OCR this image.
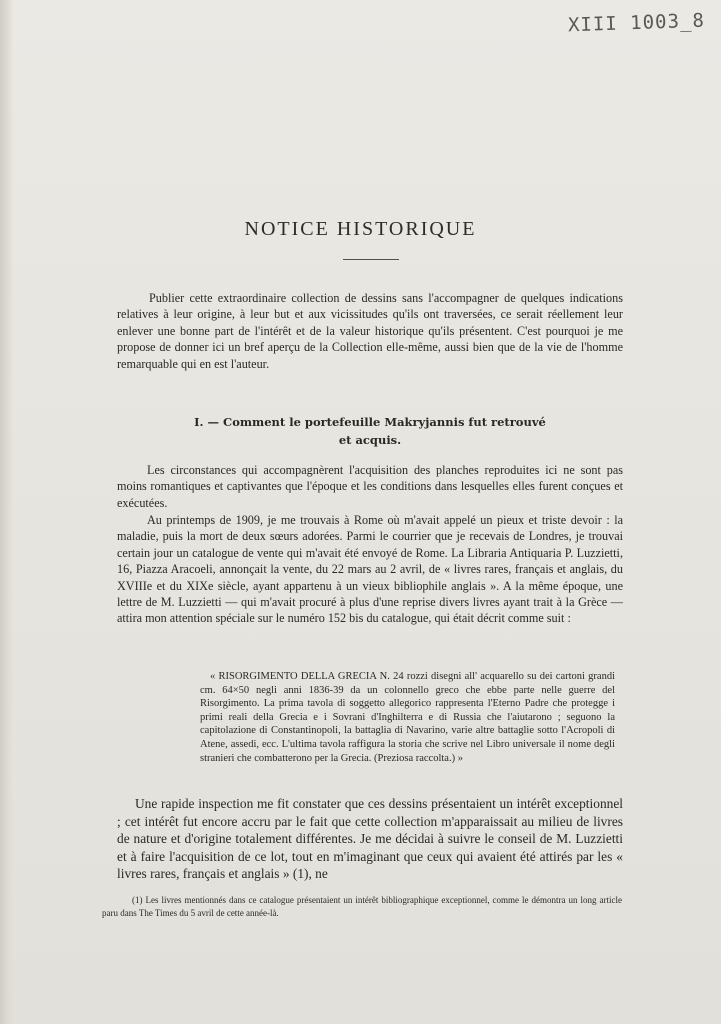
XIII 1003_8
NOTICE HISTORIQUE

Publier cette extraordinaire collection de dessins sans l'accompagner de quelques indications relatives à leur origine, à leur but et aux vicissitudes qu'ils ont traversées, ce serait réellement leur enlever une bonne part de l'intérêt et de la valeur historique qu'ils présentent. C'est pourquoi je me propose de donner ici un bref aperçu de la Collection elle-même, aussi bien que de la vie de l'homme remarquable qui en est l'auteur.

I. — Comment le portefeuille Makryjannis fut retrouvé
et acquis.

Les circonstances qui accompagnèrent l'acquisition des planches reproduites ici ne sont pas moins romantiques et captivantes que l'époque et les conditions dans lesquelles elles furent conçues et exécutées.

Au printemps de 1909, je me trouvais à Rome où m'avait appelé un pieux et triste devoir : la maladie, puis la mort de deux sœurs adorées. Parmi le courrier que je recevais de Londres, je trouvai certain jour un catalogue de vente qui m'avait été envoyé de Rome. La Libraria Antiquaria P. Luzzietti, 16, Piazza Aracoeli, annonçait la vente, du 22 mars au 2 avril, de « livres rares, français et anglais, du XVIIIe et du XIXe siècle, ayant appartenu à un vieux bibliophile anglais ». A la même époque, une lettre de M. Luzzietti — qui m'avait procuré à plus d'une reprise divers livres ayant trait à la Grèce — attira mon attention spéciale sur le numéro 152 bis du catalogue, qui était décrit comme suit :

« RISORGIMENTO DELLA GRECIA N. 24 rozzi disegni all' acquarello su dei cartoni grandi cm. 64×50 negli anni 1836-39 da un colonnello greco che ebbe parte nelle guerre del Risorgimento. La prima tavola di soggetto allegorico rappresenta l'Eterno Padre che protegge i primi reali della Grecia e i Sovrani d'Inghilterra e di Russia che l'aiutarono ; seguono la capitolazione di Constantinopoli, la battaglia di Navarino, varie altre battaglie sotto l'Acropoli di Atene, assedi, ecc. L'ultima tavola raffigura la storia che scrive nel Libro universale il nome degli stranieri che combatterono per la Grecia. (Preziosa raccolta.) »

Une rapide inspection me fit constater que ces dessins présentaient un intérêt exceptionnel ; cet intérêt fut encore accru par le fait que cette collection m'apparaissait au milieu de livres de nature et d'origine totalement différentes. Je me décidai à suivre le conseil de M. Luzzietti et à faire l'acquisition de ce lot, tout en m'imaginant que ceux qui avaient été attirés par les « livres rares, français et anglais » (1), ne

(1) Les livres mentionnés dans ce catalogue présentaient un intérêt bibliographique exceptionnel, comme le démontra un long article paru dans The Times du 5 avril de cette année-là.
